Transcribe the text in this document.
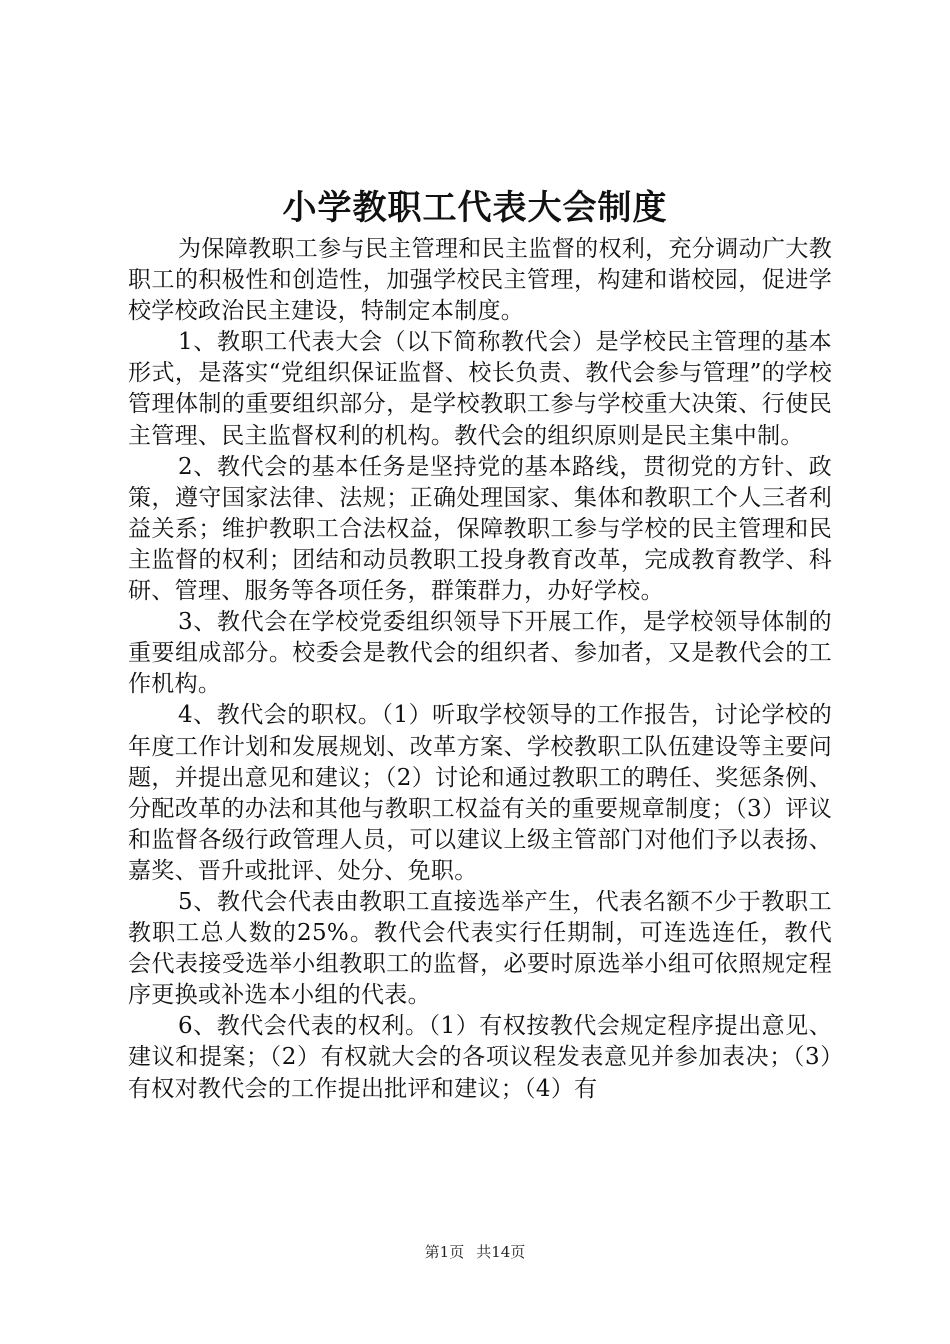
小学教职工代表大会制度

为保障教职工参与民主管理和民主监督的权利，充分调动广大教职工的积极性和创造性，加强学校民主管理，构建和谐校园，促进学校学校政治民主建设，特制定本制度。

1、教职工代表大会（以下简称教代会）是学校民主管理的基本形式，是落实“党组织保证监督、校长负责、教代会参与管理”的学校管理体制的重要组织部分，是学校教职工参与学校重大决策、行使民主管理、民主监督权利的机构。教代会的组织原则是民主集中制。

2、教代会的基本任务是坚持党的基本路线，贯彻党的方针、政策，遵守国家法律、法规；正确处理国家、集体和教职工个人三者利益关系；维护教职工合法权益，保障教职工参与学校的民主管理和民主监督的权利；团结和动员教职工投身教育改革，完成教育教学、科研、管理、服务等各项任务，群策群力，办好学校。

3、教代会在学校党委组织领导下开展工作，是学校领导体制的重要组成部分。校委会是教代会的组织者、参加者，又是教代会的工作机构。

4、教代会的职权。（1）听取学校领导的工作报告，讨论学校的年度工作计划和发展规划、改革方案、学校教职工队伍建设等主要问题，并提出意见和建议；（2）讨论和通过教职工的聘任、奖惩条例、分配改革的办法和其他与教职工权益有关的重要规章制度；（3）评议和监督各级行政管理人员，可以建议上级主管部门对他们予以表扬、嘉奖、晋升或批评、处分、免职。

5、教代会代表由教职工直接选举产生，代表名额不少于教职工教职工总人数的25%。教代会代表实行任期制，可连选连任，教代会代表接受选举小组教职工的监督，必要时原选举小组可依照规定程序更换或补选本小组的代表。

6、教代会代表的权利。（1）有权按教代会规定程序提出意见、建议和提案；（2）有权就大会的各项议程发表意见并参加表决；（3）有权对教代会的工作提出批评和建议；（4）有

第1页 共14页
